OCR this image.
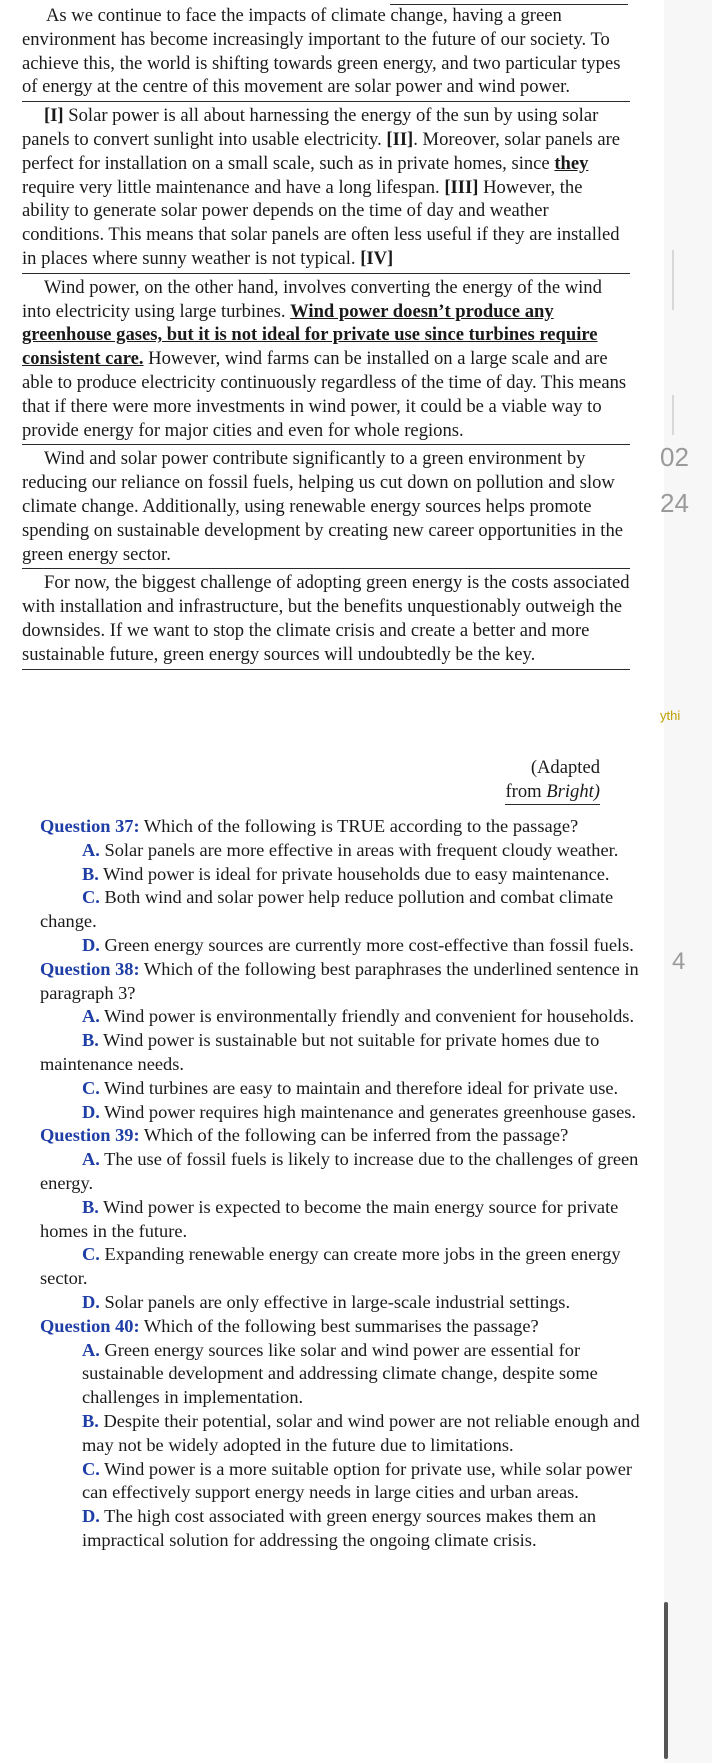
02
24
ythi
4

As we continue to face the impacts of climate change, having a green environment has become increasingly important to the future of our society. To achieve this, the world is shifting towards green energy, and two particular types of energy at the centre of this movement are solar power and wind power.

[I] Solar power is all about harnessing the energy of the sun by using solar panels to convert sunlight into usable electricity. [II]. Moreover, solar panels are perfect for installation on a small scale, such as in private homes, since they require very little maintenance and have a long lifespan. [III] However, the ability to generate solar power depends on the time of day and weather conditions. This means that solar panels are often less useful if they are installed in places where sunny weather is not typical. [IV]

Wind power, on the other hand, involves converting the energy of the wind into electricity using large turbines. Wind power doesn’t produce any greenhouse gases, but it is not ideal for private use since turbines require consistent care. However, wind farms can be installed on a large scale and are able to produce electricity continuously regardless of the time of day. This means that if there were more investments in wind power, it could be a viable way to provide energy for major cities and even for whole regions.

Wind and solar power contribute significantly to a green environment by reducing our reliance on fossil fuels, helping us cut down on pollution and slow climate change. Additionally, using renewable energy sources helps promote spending on sustainable development by creating new career opportunities in the green energy sector.

For now, the biggest challenge of adopting green energy is the costs associated with installation and infrastructure, but the benefits unquestionably outweigh the downsides. If we want to stop the climate crisis and create a better and more sustainable future, green energy sources will undoubtedly be the key.

(Adapted
from Bright)

Question 37: Which of the following is TRUE according to the passage?

A. Solar panels are more effective in areas with frequent cloudy weather.

B. Wind power is ideal for private households due to easy maintenance.

C. Both wind and solar power help reduce pollution and combat climate change.

D. Green energy sources are currently more cost-effective than fossil fuels.

Question 38: Which of the following best paraphrases the underlined sentence in paragraph 3?

A. Wind power is environmentally friendly and convenient for households.

B. Wind power is sustainable but not suitable for private homes due to maintenance needs.

C. Wind turbines are easy to maintain and therefore ideal for private use.

D. Wind power requires high maintenance and generates greenhouse gases.

Question 39: Which of the following can be inferred from the passage?

A. The use of fossil fuels is likely to increase due to the challenges of green energy.

B. Wind power is expected to become the main energy source for private homes in the future.

C. Expanding renewable energy can create more jobs in the green energy sector.

D. Solar panels are only effective in large-scale industrial settings.

Question 40: Which of the following best summarises the passage?

A. Green energy sources like solar and wind power are essential for sustainable development and addressing climate change, despite some challenges in implementation.

B. Despite their potential, solar and wind power are not reliable enough and may not be widely adopted in the future due to limitations.

C. Wind power is a more suitable option for private use, while solar power can effectively support energy needs in large cities and urban areas.

D. The high cost associated with green energy sources makes them an impractical solution for addressing the ongoing climate crisis.
